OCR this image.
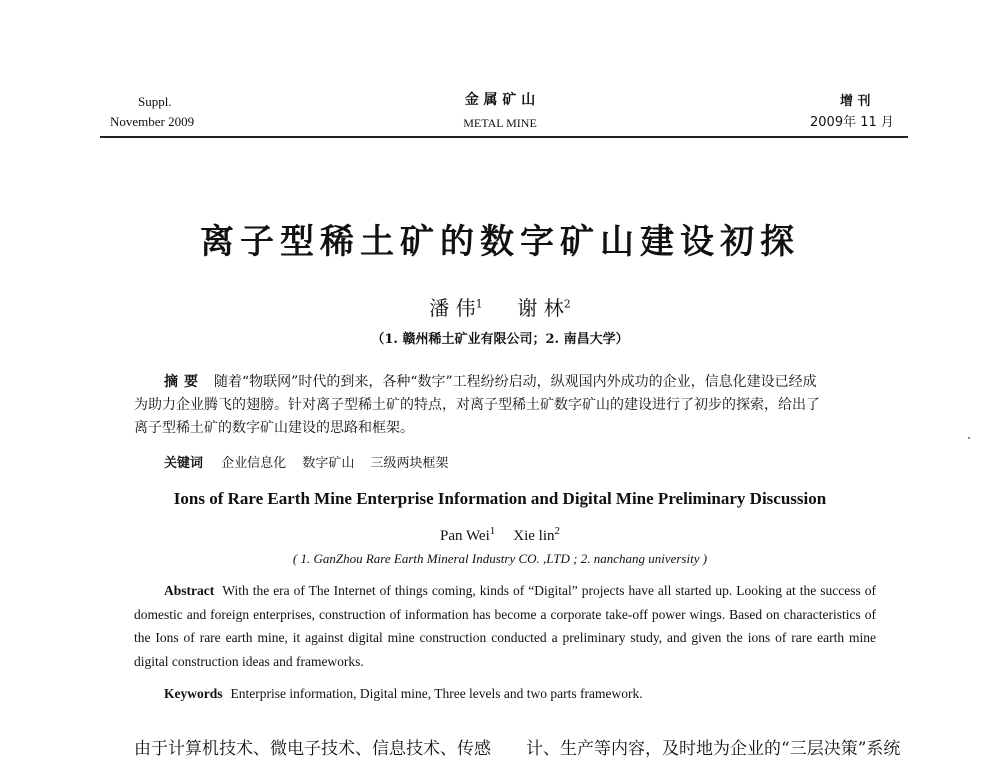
Suppl.
November 2009
金 属 矿 山
METAL MINE
增 刊
2009年 11 月
离子型稀土矿的数字矿山建设初探
潘 伟$^1$ 谢 林$^2$
（1. 赣州稀土矿业有限公司；2. 南昌大学）
摘要 随着“物联网”时代的到来，各种“数字”工程纷纷启动，纵观国内外成功的企业，信息化建设已经成
为助力企业腾飞的翅膀。针对离子型稀土矿的特点，对离子型稀土矿数字矿山的建设进行了初步的探索，给出了
离子型稀土矿的数字矿山建设的思路和框架。
关键词 企业信息化 数字矿山 三级两块框架
Ions of Rare Earth Mine Enterprise Information and Digital Mine Preliminary Discussion
Pan Wei$^1$ Xie lin$^2$
( 1. GanZhou Rare Earth Mineral Industry CO. ,LTD ; 2. nanchang university )
Abstract With the era of The Internet of things coming, kinds of “Digital” projects have all started up. Looking at the success of domestic and foreign enterprises, construction of information has become a corporate take-off power wings. Based on characteristics of the Ions of rare earth mine, it against digital mine construction conducted a preliminary study, and given the ions of rare earth mine digital construction ideas and frameworks.
Keywords Enterprise information, Digital mine, Three levels and two parts framework.
由于计算机技术、微电子技术、信息技术、传感 计、生产等内容，及时地为企业的“三层决策”系统
